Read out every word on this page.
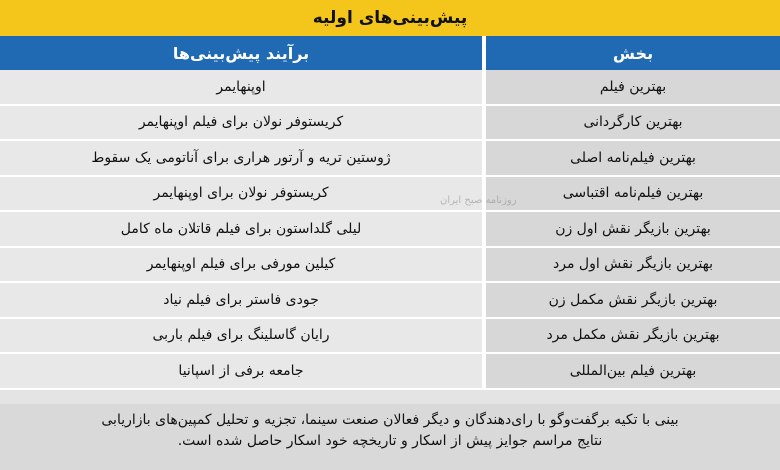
پیش‌بینی‌های اولیه
بخش
برآیند پیش‌بینی‌ها
بهترین فیلم
اوپنهایمر
بهترین کارگردانی
کریستوفر نولان برای فیلم اوپنهایمر
بهترین فیلم‌نامه اصلی
ژوستین تریه و آرتور هراری برای آناتومی یک سقوط
بهترین فیلم‌نامه اقتباسی
کریستوفر نولان برای اوپنهایمر
بهترین بازیگر نقش اول زن
لیلی گلداستون برای فیلم قاتلان ماه کامل
بهترین بازیگر نقش اول مرد
کیلین مورفی برای فیلم اوپنهایمر
بهترین بازیگر نقش مکمل زن
جودی فاستر برای فیلم نیاد
بهترین بازیگر نقش مکمل مرد
رایان گاسلینگ برای فیلم باربی
بهترین فیلم بین‌المللی
جامعه برفی از اسپانیا
روزنامه صبح ایران
بینی با تکیه برگفت‌وگو با رای‌دهندگان و دیگر فعالان صنعت سینما، تجزیه و تحلیل کمپین‌های بازاریابی
نتایج مراسم جوایز پیش از اسکار و تاریخچه خود اسکار حاصل شده است.
